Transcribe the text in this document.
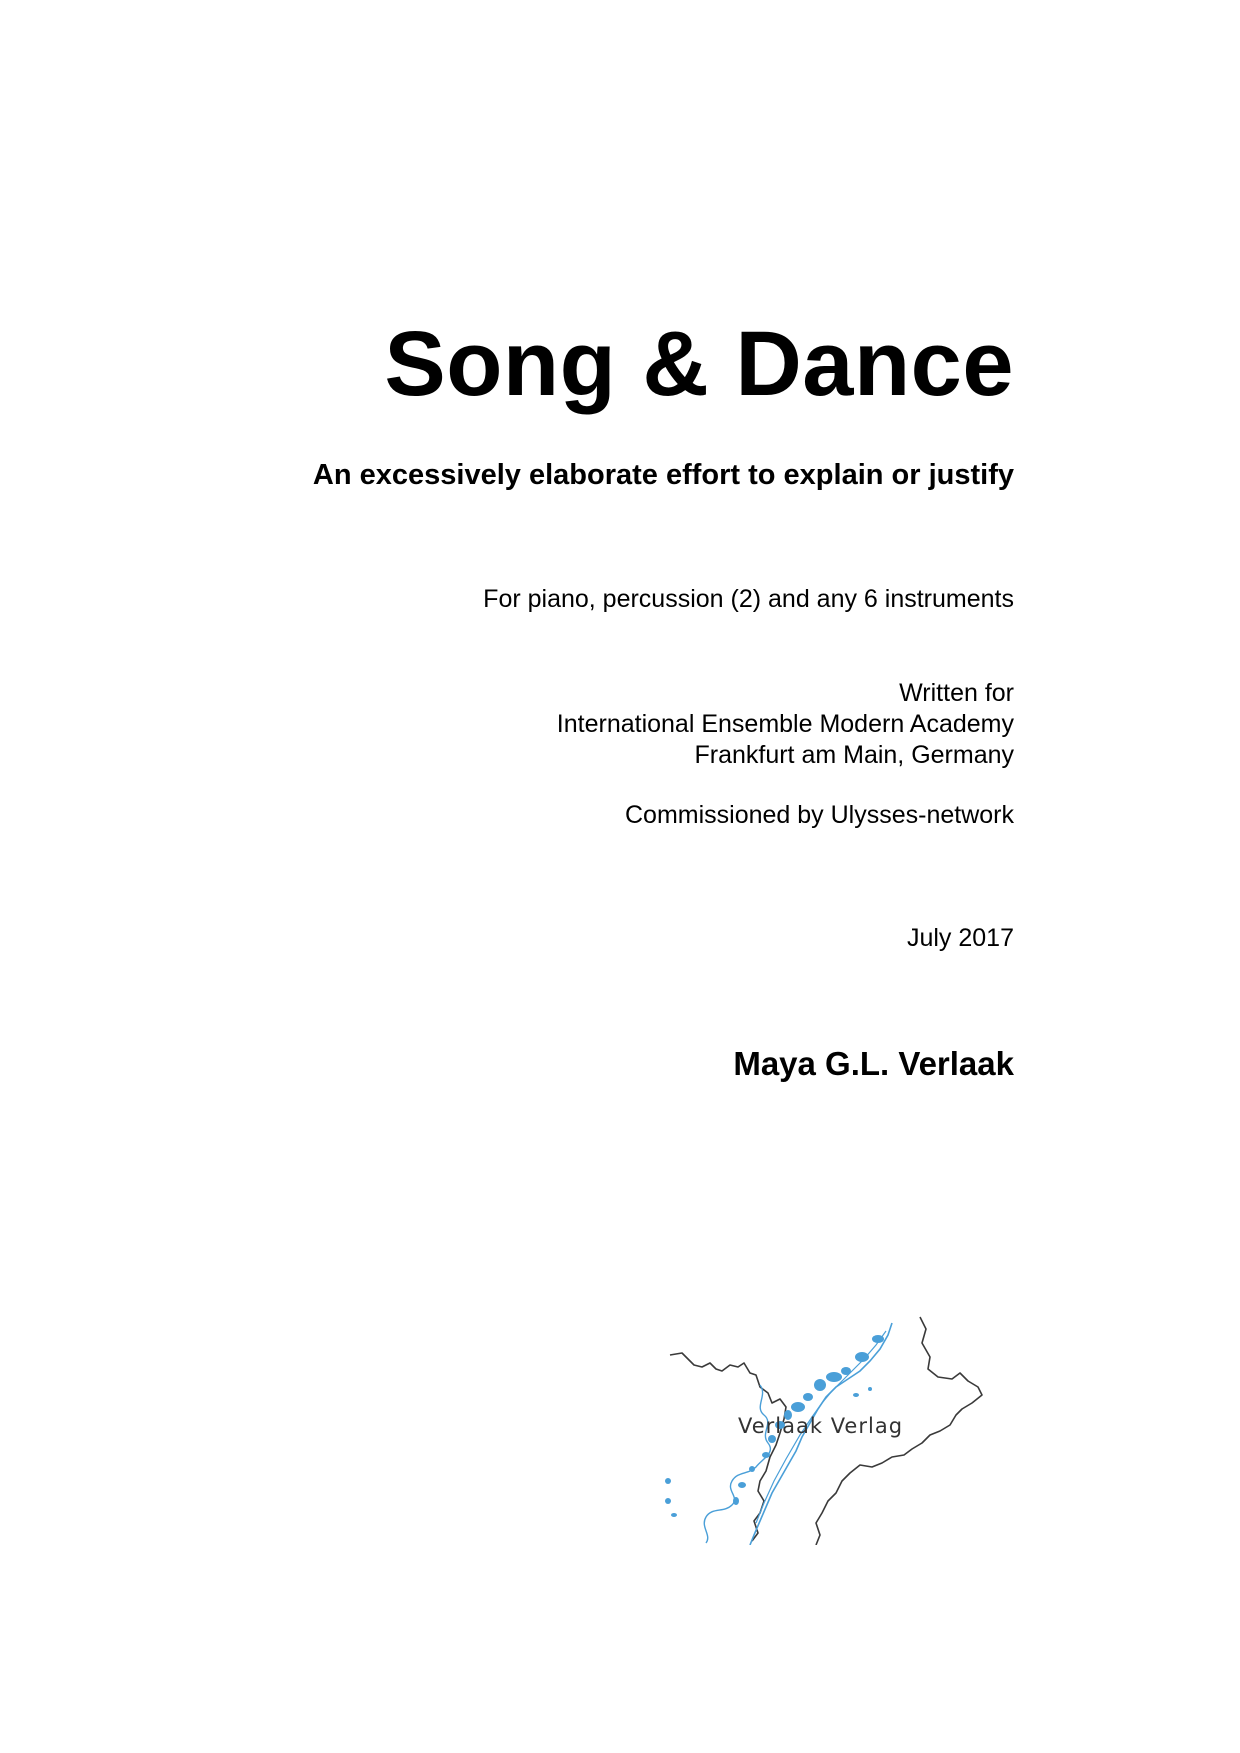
Song & Dance
An excessively elaborate effort to explain or justify
For piano, percussion (2) and any 6 instruments
Written for
International Ensemble Modern Academy
Frankfurt am Main, Germany
Commissioned by Ulysses-network
July 2017
Maya G.L. Verlaak
Verlaak Verlag
